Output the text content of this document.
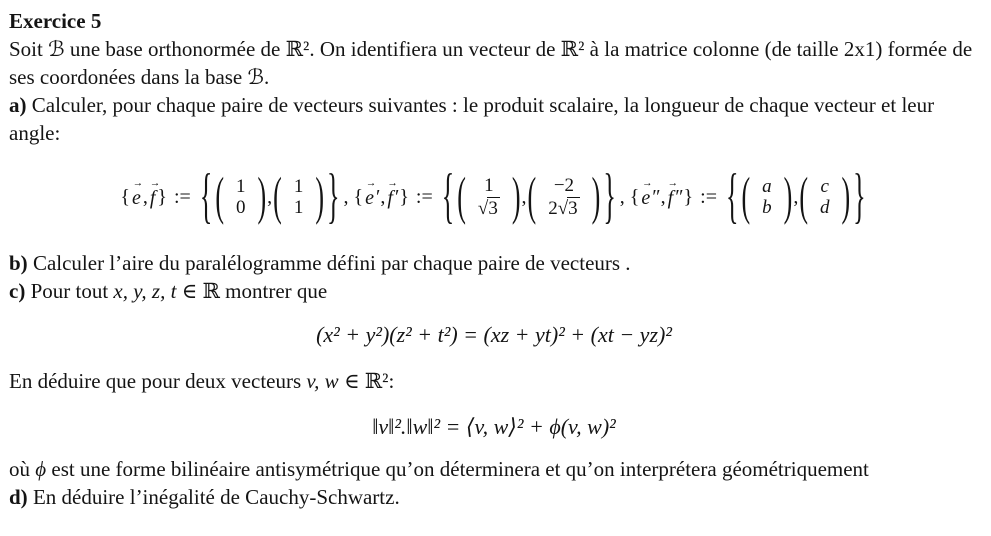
Exercice 5

Soit ℬ une base orthonormée de ℝ². On identifiera un vecteur de ℝ² à la matrice colonne (de taille 2x1) formée de ses coordonées dans la base ℬ.

a) Calculer, pour chaque paire de vecteurs suivantes : le produit scalaire, la longueur de chaque vecteur et leur angle:

{
→
e ,
→
f } := { ( 1
0 ) , ( 1
1 ) } , {
→
e ′ ,
→
f ′ } := { ( 1
√ 3 ) , ( −2
2 √ 3 ) } , {
→
e ″ ,
→
f ″ } := { ( a
b ) , ( c
d ) }

b) Calculer l’aire du paralélogramme défini par chaque paire de vecteurs .

c) Pour tout x, y, z, t ∈ ℝ montrer que

(x² + y²)(z² + t²) = (xz + yt)² + (xt − yz)²

En déduire que pour deux vecteurs v, w ∈ ℝ²:

‖v‖².‖w‖² = ⟨v, w⟩² + ϕ(v, w)²

où ϕ est une forme bilinéaire antisymétrique qu’on déterminera et qu’on interprétera géométriquement

d) En déduire l’inégalité de Cauchy-Schwartz.
